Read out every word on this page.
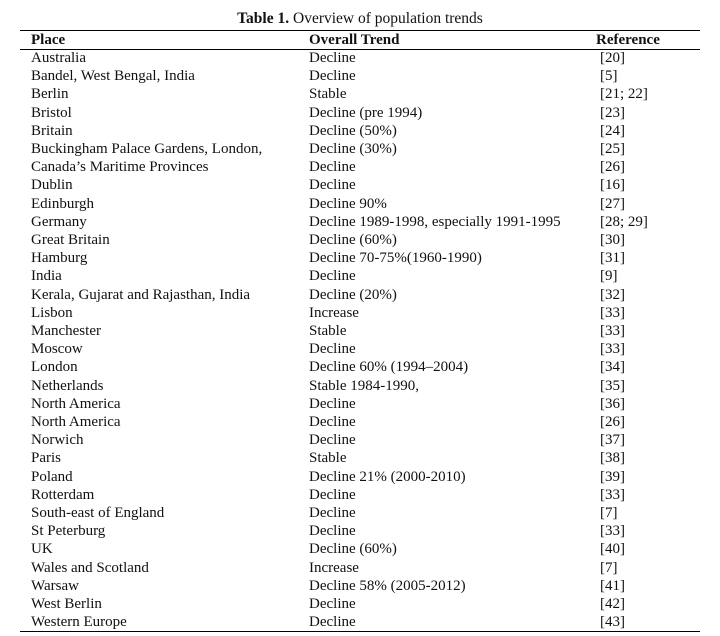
Table 1. Overview of population trends
Place	Overall Trend	Reference
Australia	Decline	[20]
Bandel, West Bengal, India	Decline	[5]
Berlin	Stable	[21; 22]
Bristol	Decline (pre 1994)	[23]
Britain	Decline (50%)	[24]
Buckingham Palace Gardens, London,	Decline (30%)	[25]
Canada’s Maritime Provinces	Decline	[26]
Dublin	Decline	[16]
Edinburgh	Decline 90%	[27]
Germany	Decline 1989-1998, especially 1991-1995	[28; 29]
Great Britain	Decline (60%)	[30]
Hamburg	Decline 70-75%(1960-1990)	[31]
India	Decline	[9]
Kerala, Gujarat and Rajasthan, India	Decline (20%)	[32]
Lisbon	Increase	[33]
Manchester	Stable	[33]
Moscow	Decline	[33]
London	Decline 60% (1994–2004)	[34]
Netherlands	Stable 1984-1990,	[35]
North America	Decline	[36]
North America	Decline	[26]
Norwich	Decline	[37]
Paris	Stable	[38]
Poland	Decline 21% (2000-2010)	[39]
Rotterdam	Decline	[33]
South-east of England	Decline	[7]
St Peterburg	Decline	[33]
UK	Decline (60%)	[40]
Wales and Scotland	Increase	[7]
Warsaw	Decline 58% (2005-2012)	[41]
West Berlin	Decline	[42]
Western Europe	Decline	[43]
